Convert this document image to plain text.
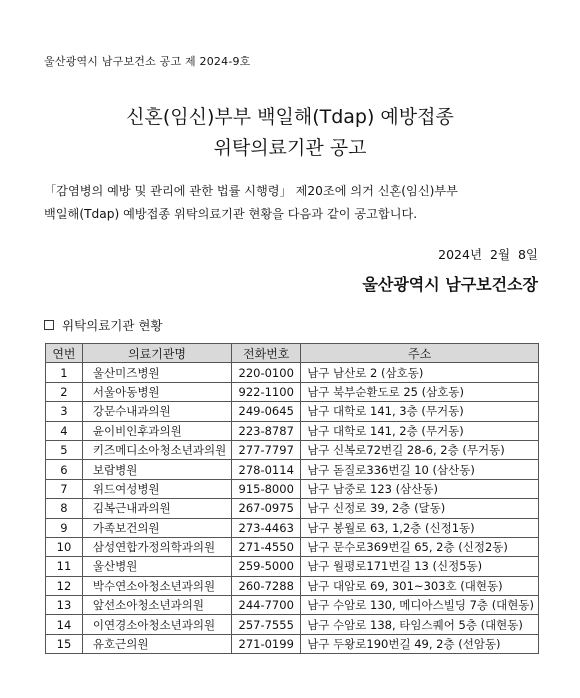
울산광역시 남구보건소 공고 제 2024-9호
신혼(임신)부부 백일해(Tdap) 예방접종
위탁의료기관 공고
「감염병의 예방 및 관리에 관한 법률 시행령」 제20조에 의거 신혼(임신)부부
백일해(Tdap) 예방접종 위탁의료기관 현황을 다음과 같이 공고합니다.
2024년  2월  8일
울산광역시 남구보건소장
위탁의료기관 현황
연번	의료기관명	전화번호	주소
1	울산미즈병원	220-0100	남구 남산로 2 (삼호동)
2	서울아동병원	922-1100	남구 북부순환도로 25 (삼호동)
3	강문수내과의원	249-0645	남구 대학로 141, 3층 (무거동)
4	윤이비인후과의원	223-8787	남구 대학로 141, 2층 (무거동)
5	키즈메디소아청소년과의원	277-7797	남구 신복로72번길 28-6, 2층 (무거동)
6	보람병원	278-0114	남구 돋질로336번길 10 (삼산동)
7	위드여성병원	915-8000	남구 남중로 123 (삼산동)
8	김복근내과의원	267-0975	남구 신정로 39, 2층 (달동)
9	가족보건의원	273-4463	남구 봉월로 63, 1,2층 (신정1동)
10	삼성연합가정의학과의원	271-4550	남구 문수로369번길 65, 2층 (신정2동)
11	울산병원	259-5000	남구 월평로171번길 13 (신정5동)
12	박수연소아청소년과의원	260-7288	남구 대암로 69, 301~303호 (대현동)
13	앞선소아청소년과의원	244-7700	남구 수암로 130, 메디아스빌딩 7층 (대현동)
14	이연경소아청소년과의원	257-7555	남구 수암로 138, 타임스퀘어 5층 (대현동)
15	유호근의원	271-0199	남구 두왕로190번길 49, 2층 (선암동)
